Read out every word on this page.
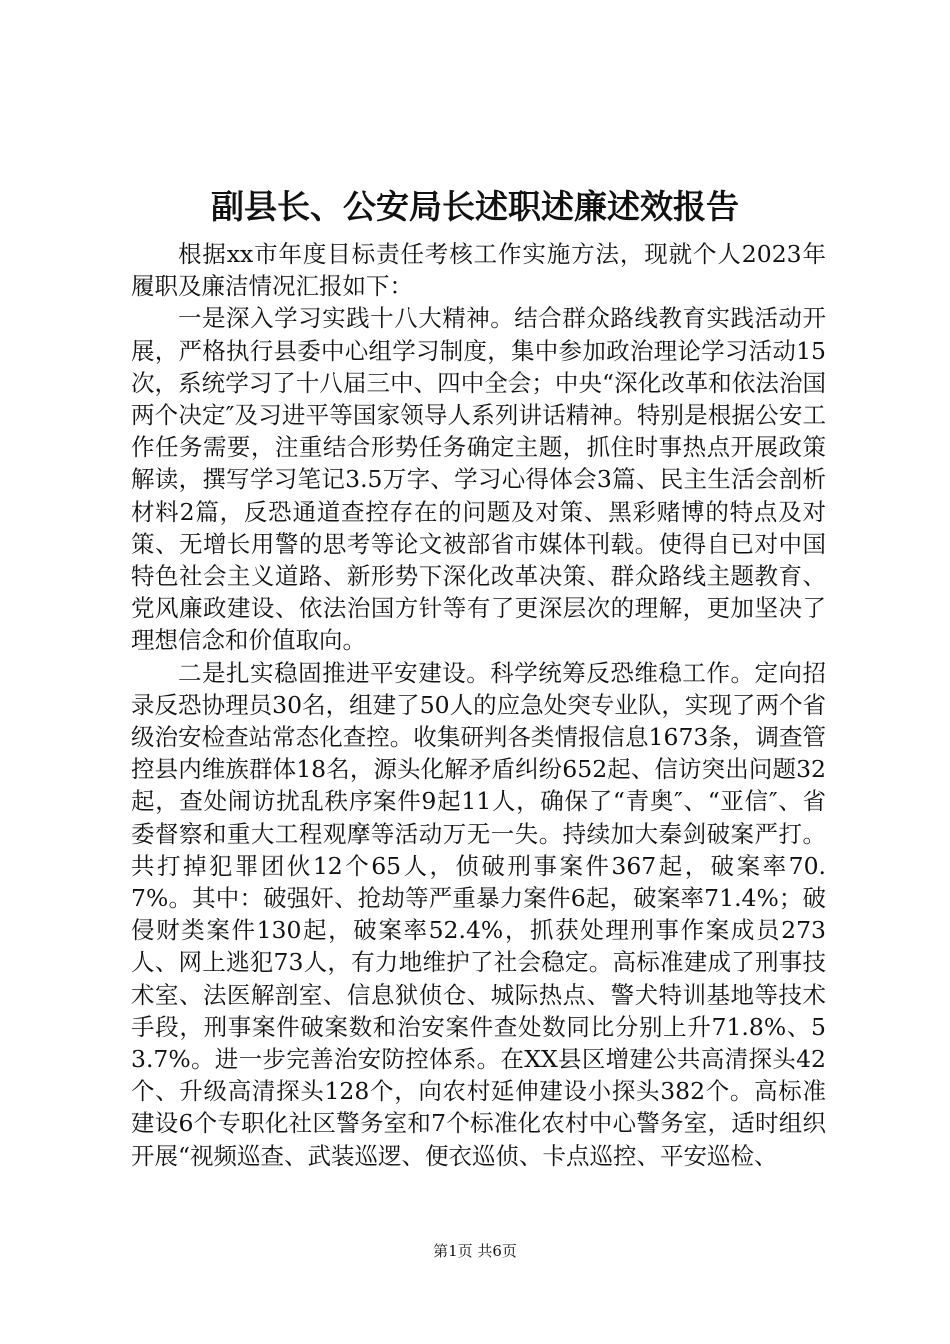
副县长、公安局长述职述廉述效报告

根据xx市年度目标责任考核工作实施方法，现就个人2023年履职及廉洁情况汇报如下：

一是深入学习实践十八大精神。结合群众路线教育实践活动开展，严格执行县委中心组学习制度，集中参加政治理论学习活动15次，系统学习了十八届三中、四中全会；中央“深化改革和依法治国两个决定″及习进平等国家领导人系列讲话精神。特别是根据公安工作任务需要，注重结合形势任务确定主题，抓住时事热点开展政策解读，撰写学习笔记3.5万字、学习心得体会3篇、民主生活会剖析材料2篇，反恐通道查控存在的问题及对策、黑彩赌博的特点及对策、无增长用警的思考等论文被部省市媒体刊载。使得自已对中国特色社会主义道路、新形势下深化改革决策、群众路线主题教育、党风廉政建设、依法治国方针等有了更深层次的理解，更加坚决了理想信念和价值取向。

二是扎实稳固推进平安建设。科学统筹反恐维稳工作。定向招录反恐协理员30名，组建了50人的应急处突专业队，实现了两个省级治安检查站常态化查控。收集研判各类情报信息1673条，调查管控县内维族群体18名，源头化解矛盾纠纷652起、信访突出问题32起，查处闹访扰乱秩序案件9起11人，确保了“青奥″、“亚信″、省委督察和重大工程观摩等活动万无一失。持续加大秦剑破案严打。共打掉犯罪团伙12个65人，侦破刑事案件367起，破案率70.7%。其中：破强奸、抢劫等严重暴力案件6起，破案率71.4%；破侵财类案件130起，破案率52.4%，抓获处理刑事作案成员273人、网上逃犯73人，有力地维护了社会稳定。高标准建成了刑事技术室、法医解剖室、信息狱侦仓、城际热点、警犬特训基地等技术手段，刑事案件破案数和治安案件查处数同比分别上升71.8%、53.7%。进一步完善治安防控体系。在XX县区增建公共高清探头42个、升级高清探头128个，向农村延伸建设小探头382个。高标准建设6个专职化社区警务室和7个标准化农村中心警务室，适时组织开展“视频巡查、武装巡逻、便衣巡侦、卡点巡控、平安巡检、

第1页 共6页
